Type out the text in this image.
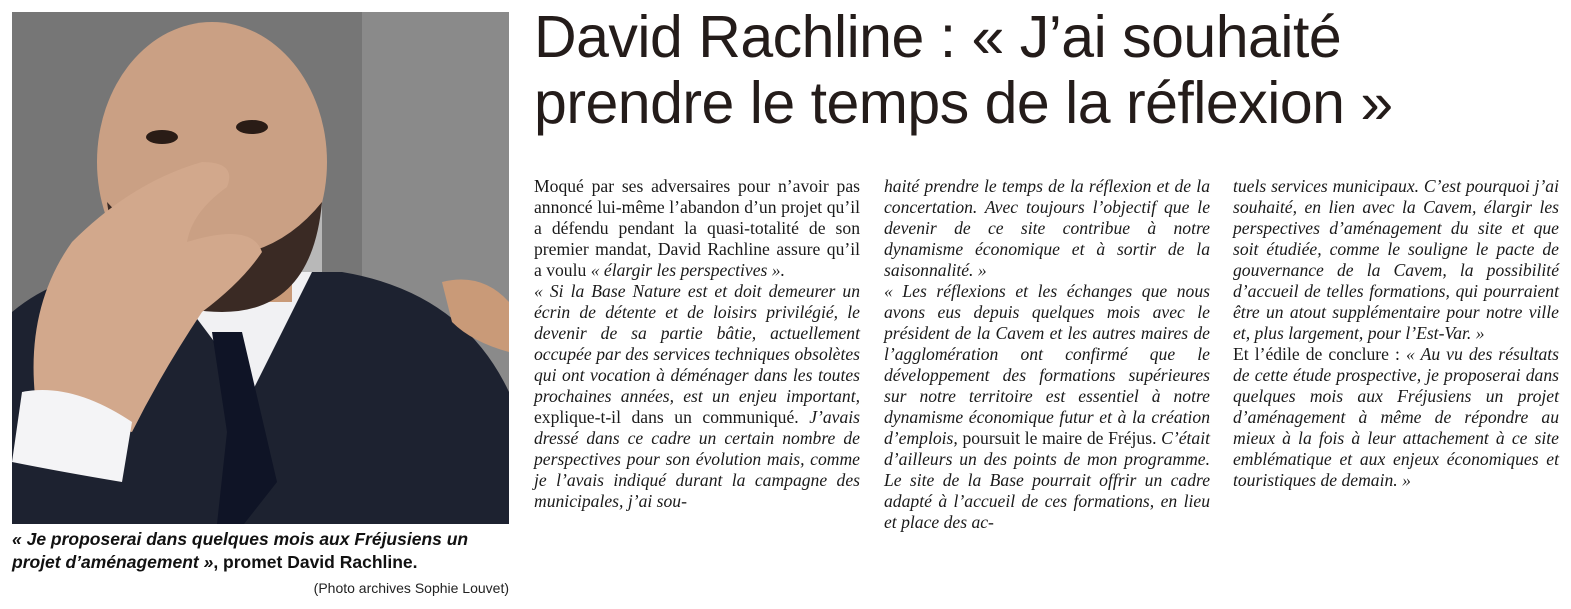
« Je proposerai dans quelques mois aux Fréjusiens un projet d’aménagement », promet David Rachline.
(Photo archives Sophie Louvet)
David Rachline : « J’ai souhaité
prendre le temps de la réflexion »

Moqué par ses adversaires pour n’avoir pas annoncé lui-même l’abandon d’un projet qu’il a défendu pendant la quasi-totalité de son premier mandat, David Rachline assure qu’il a voulu « élargir les perspectives ».

« Si la Base Nature est et doit demeurer un écrin de détente et de loisirs privilégié, le devenir de sa partie bâtie, actuellement occupée par des services techniques obsolètes qui ont vocation à déménager dans les toutes prochaines années, est un enjeu important, explique-t-il dans un communiqué. J’avais dressé dans ce cadre un certain nombre de perspectives pour son évolution mais, comme je l’avais indiqué durant la campagne des municipales, j’ai sou-

haité prendre le temps de la réflexion et de la concertation. Avec toujours l’objectif que le devenir de ce site contribue à notre dynamisme économique et à sortir de la saisonnalité. »

« Les réflexions et les échanges que nous avons eus depuis quelques mois avec le président de la Cavem et les autres maires de l’agglomération ont confirmé que le développement des formations supérieures sur notre territoire est essentiel à notre dynamisme économique futur et à la création d’emplois, poursuit le maire de Fréjus. C’était d’ailleurs un des points de mon programme. Le site de la Base pourrait offrir un cadre adapté à l’accueil de ces formations, en lieu et place des ac-

tuels services municipaux. C’est pourquoi j’ai souhaité, en lien avec la Cavem, élargir les perspectives d’aménagement du site et que soit étudiée, comme le souligne le pacte de gouvernance de la Cavem, la possibilité d’accueil de telles formations, qui pourraient être un atout supplémentaire pour notre ville et, plus largement, pour l’Est-Var. »

Et l’édile de conclure : « Au vu des résultats de cette étude prospective, je proposerai dans quelques mois aux Fréjusiens un projet d’aménagement à même de répondre au mieux à la fois à leur attachement à ce site emblématique et aux enjeux économiques et touristiques de demain. »
